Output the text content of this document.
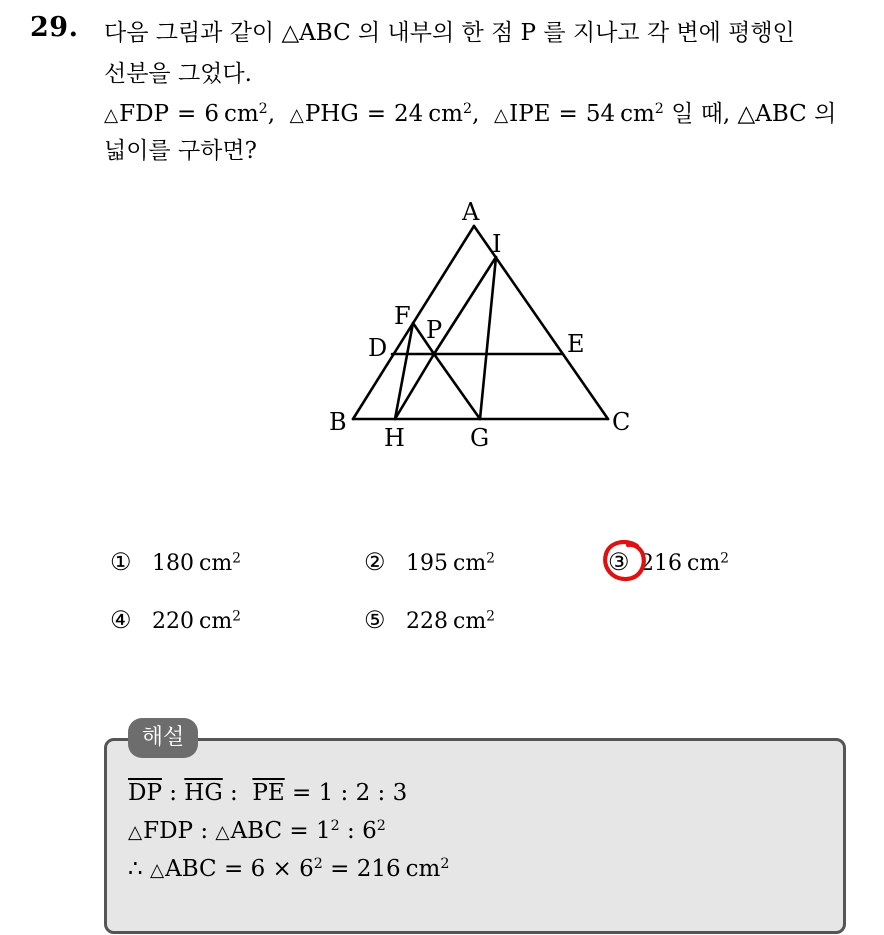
29. 다음 그림과 같이 △ABC 의 내부의 한 점 P 를 지나고 각 변에 평행인
선분을 그었다.
△FDP = 6 $cm^2$, △PHG = 24 $cm^2$, △IPE = 54 $cm^2$ 일 때, △ABC 의
넓이를 구하면?
A
I
F P
D	E
B
H	G
C
① 180 $cm^2$	② 195 $cm^2$	③ 216 $cm^2$
④ 220 $cm^2$	⑤ 228 $cm^2$
해설
$\overline{DP}$ : $\overline{HG}$ : $\overline{PE} = 1$ : 2 : 3
△FDP : △ABC = $1^2$ : $6^2$
∴ △ABC = $6 \times 6^2 = 216$ $cm^2$
